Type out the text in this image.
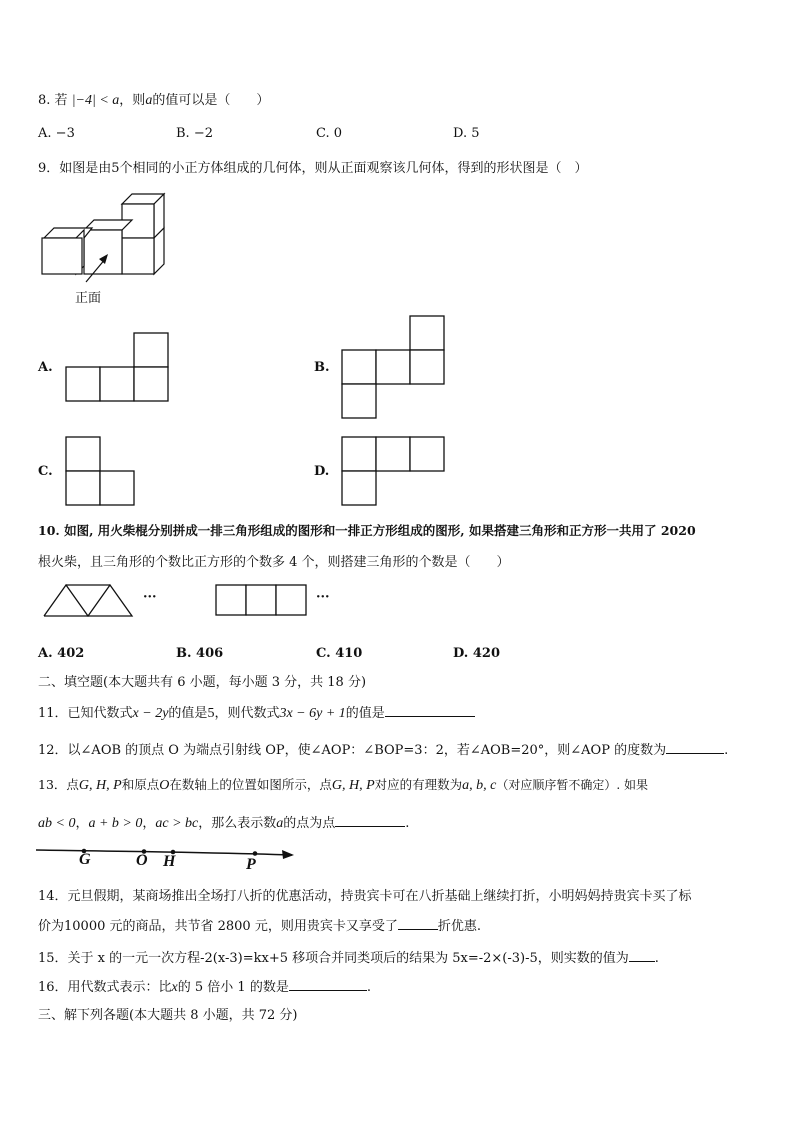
8. 若 |−4| < a，则a的值可以是（　　）
A. −3	B. −2	C. 0	D. 5
9．如图是由5个相同的小正方体组成的几何体，则从正面观察该几何体，得到的形状图是（　）
正面
A.	B.
C.	D.
10. 如图, 用火柴棍分别拼成一排三角形组成的图形和一排正方形组成的图形, 如果搭建三角形和正方形一共用了 2020
根火柴，且三角形的个数比正方形的个数多 4 个，则搭建三角形的个数是（　　）
···	···
A. 402	B. 406	C. 410	D. 420
二、填空题(本大题共有 6 小题，每小题 3 分，共 18 分)
11．已知代数式x − 2y的值是5，则代数式3x − 6y + 1的值是
12．以∠AOB 的顶点 O 为端点引射线 OP，使∠AOP：∠BOP=3：2，若∠AOB=20°，则∠AOP 的度数为	.
13．点G, H, P和原点O在数轴上的位置如图所示，点G, H, P对应的有理数为a, b, c（对应顺序暂不确定）. 如果
ab < 0，a + b > 0，ac > bc，那么表示数a的点为点	.
G	O H	P
14．元旦假期，某商场推出全场打八折的优惠活动，持贵宾卡可在八折基础上继续打折，小明妈妈持贵宾卡买了标
价为10000 元的商品，共节省 2800 元，则用贵宾卡又享受了	折优惠.
15．关于 x 的一元一次方程-2(x-3)=kx+5 移项合并同类项后的结果为 5x=-2×(-3)-5，则实数的值为 .
16．用代数式表示：比x的 5 倍小 1 的数是	.
三、解下列各题(本大题共 8 小题，共 72 分)
